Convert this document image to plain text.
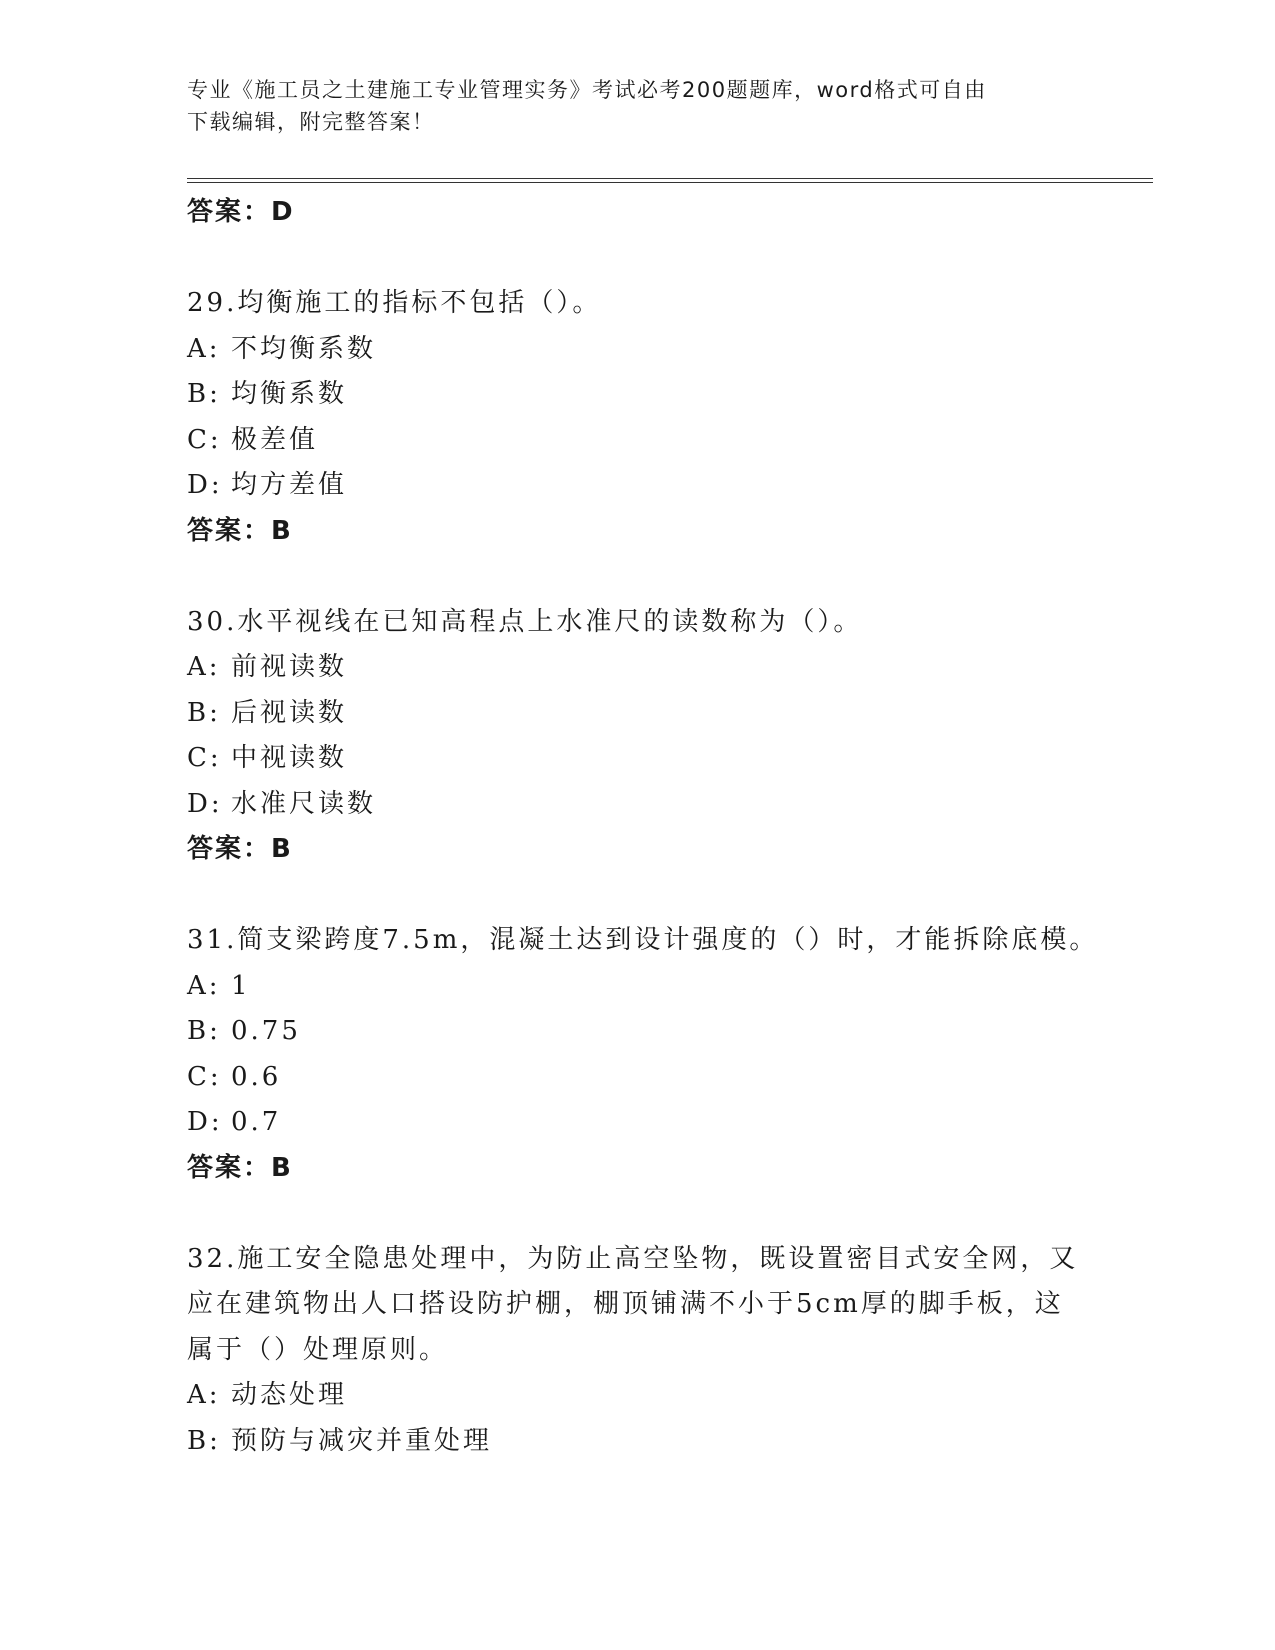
专业《施工员之土建施工专业管理实务》考试必考200题题库，word格式可自由
下载编辑，附完整答案！
答案：D
29.均衡施工的指标不包括（）。
A: 不均衡系数
B: 均衡系数
C: 极差值
D: 均方差值
答案：B
30.水平视线在已知高程点上水准尺的读数称为（）。
A: 前视读数
B: 后视读数
C: 中视读数
D: 水准尺读数
答案：B
31.简支梁跨度7.5m，混凝土达到设计强度的（）时，才能拆除底模。
A: 1
B: 0.75
C: 0.6
D: 0.7
答案：B
32.施工安全隐患处理中，为防止高空坠物，既设置密目式安全网，又
应在建筑物出人口搭设防护棚，棚顶铺满不小于5cm厚的脚手板，这
属于（）处理原则。
A: 动态处理
B: 预防与减灾并重处理
